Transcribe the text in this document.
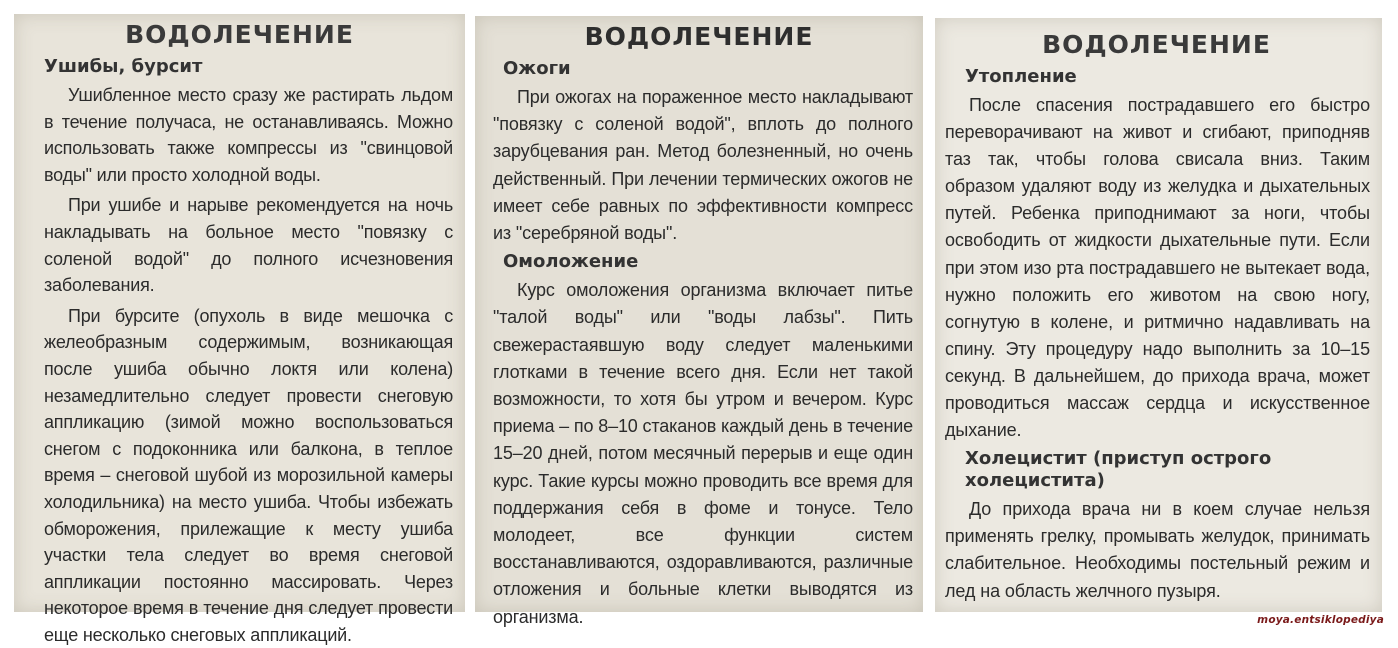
ВОДОЛЕЧЕНИЕ
Ушибы, бурсит

Ушибленное место сразу же растирать льдом в течение получаса, не останавливаясь. Можно использовать также компрессы из "свинцовой воды" или просто холодной воды.

При ушибе и нарыве рекомендуется на ночь накладывать на больное место "повязку с соленой водой" до полного исчезновения заболевания.

При бурсите (опухоль в виде мешочка с желеобразным содержимым, возникающая после ушиба обычно локтя или колена) незамедлительно следует провести снеговую аппликацию (зимой можно воспользоваться снегом с подоконника или балкона, в теплое время – снеговой шубой из морозильной камеры холодильника) на место ушиба. Чтобы избежать обморожения, прилежащие к месту ушиба участки тела следует во время снеговой аппликации постоянно массировать. Через некоторое время в течение дня следует провести еще несколько снеговых аппликаций.

ВОДОЛЕЧЕНИЕ
Ожоги

При ожогах на пораженное место накладывают "повязку с соленой водой", вплоть до полного зарубцевания ран. Метод болезненный, но очень действенный. При лечении термических ожогов не имеет себе равных по эффективности компресс из "серебряной воды".

Омоложение

Курс омоложения организма включает питье "талой воды" или "воды лабзы". Пить свежерастаявшую воду следует маленькими глотками в течение всего дня. Если нет такой возможности, то хотя бы утром и вечером. Курс приема – по 8–10 стаканов каждый день в течение 15–20 дней, потом месячный перерыв и еще один курс. Такие курсы можно проводить все время для поддержания себя в фоме и тонусе. Тело молодеет, все функции систем восстанавливаются, оздоравливаются, различные отложения и больные клетки выводятся из организма.

ВОДОЛЕЧЕНИЕ
Утопление

После спасения пострадавшего его быстро переворачивают на живот и сгибают, приподняв таз так, чтобы голова свисала вниз. Таким образом удаляют воду из желудка и дыхательных путей. Ребенка приподнимают за ноги, чтобы освободить от жидкости дыхательные пути. Если при этом изо рта пострадавшего не вытекает вода, нужно положить его животом на свою ногу, согнутую в колене, и ритмично надавливать на спину. Эту процедуру надо выполнить за 10–15 секунд. В дальнейшем, до прихода врача, может проводиться массаж сердца и искусственное дыхание.

Холецистит (приступ острого холецистита)

До прихода врача ни в коем случае нельзя применять грелку, промывать желудок, принимать слабительное. Необходимы постельный режим и лед на область желчного пузыря.

moya.entsiklopediya
